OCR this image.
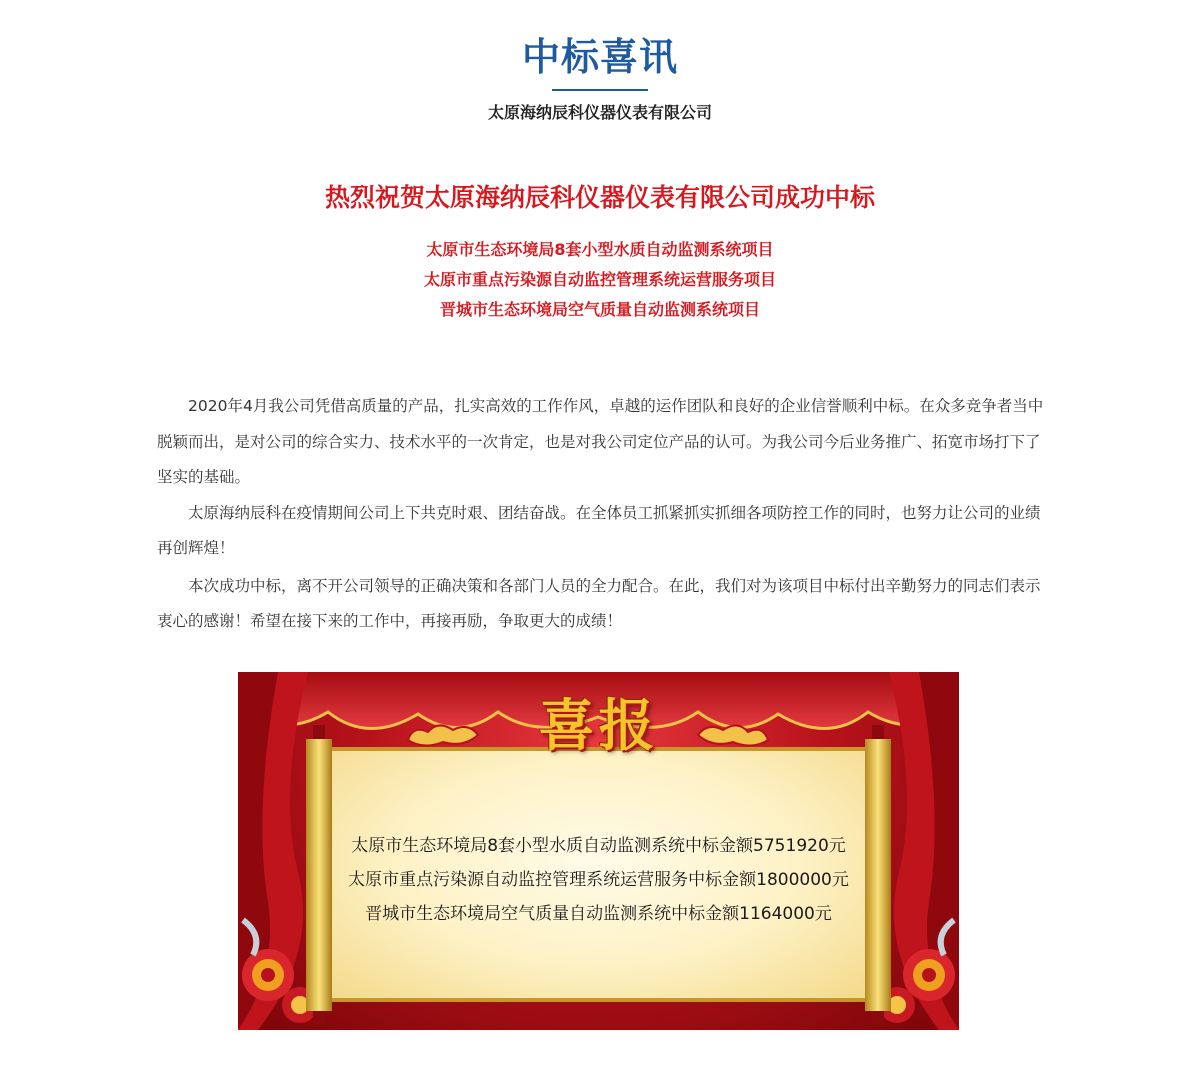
中标喜讯
太原海纳辰科仪器仪表有限公司
热烈祝贺太原海纳辰科仪器仪表有限公司成功中标
太原市生态环境局8套小型水质自动监测系统项目
太原市重点污染源自动监控管理系统运营服务项目
晋城市生态环境局空气质量自动监测系统项目

2020年4月我公司凭借高质量的产品，扎实高效的工作作风，卓越的运作团队和良好的企业信誉顺利中标。在众多竞争者当中脱颖而出，是对公司的综合实力、技术水平的一次肯定，也是对我公司定位产品的认可。为我公司今后业务推广、拓宽市场打下了坚实的基础。

太原海纳辰科在疫情期间公司上下共克时艰、团结奋战。在全体员工抓紧抓实抓细各项防控工作的同时，也努力让公司的业绩再创辉煌！

本次成功中标，离不开公司领导的正确决策和各部门人员的全力配合。在此，我们对为该项目中标付出辛勤努力的同志们表示衷心的感谢！希望在接下来的工作中，再接再励，争取更大的成绩！

喜报
太原市生态环境局8套小型水质自动监测系统中标金额5751920元
太原市重点污染源自动监控管理系统运营服务中标金额1800000元
晋城市生态环境局空气质量自动监测系统中标金额1164000元
